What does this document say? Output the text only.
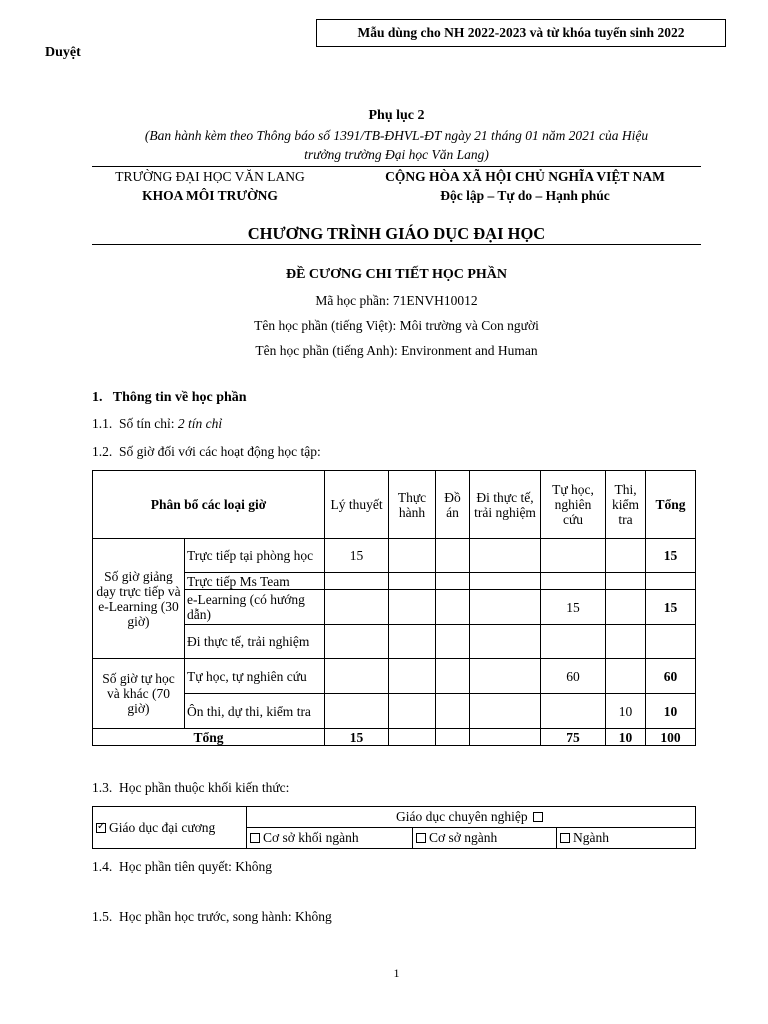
Mẫu dùng cho NH 2022-2023 và từ khóa tuyển sinh 2022
Duyệt
Phụ lục 2
(Ban hành kèm theo Thông báo số 1391/TB-ĐHVL-ĐT ngày 21 tháng 01 năm 2021 của Hiệu
trưởng trường Đại học Văn Lang)
TRƯỜNG ĐẠI HỌC VĂN LANG
KHOA MÔI TRƯỜNG
CỘNG HÒA XÃ HỘI CHỦ NGHĨA VIỆT NAM
Độc lập – Tự do – Hạnh phúc
CHƯƠNG TRÌNH GIÁO DỤC ĐẠI HỌC
ĐỀ CƯƠNG CHI TIẾT HỌC PHẦN
Mã học phần: 71ENVH10012
Tên học phần (tiếng Việt): Môi trường và Con người
Tên học phần (tiếng Anh): Environment and Human
1.   Thông tin về học phần
1.1.  Số tín chỉ: 2 tín chỉ
1.2.  Số giờ đối với các hoạt động học tập:
Phân bổ các loại giờ		Lý thuyết	Thực hành	Đồ án	Đi thực tế, trải nghiệm	Tự học, nghiên cứu	Thi, kiểm tra	Tổng
Số giờ giảng dạy trực tiếp và e-Learning (30 giờ)	Trực tiếp tại phòng học	15						15
	Trực tiếp Ms Team							
	e-Learning (có hướng dẫn)					15		15
	Đi thực tế, trải nghiệm							
Số giờ tự học và khác (70 giờ)	Tự học, tự nghiên cứu					60		60
	Ôn thi, dự thi, kiểm tra						10	10
Tổng		15				75	10	100
1.3.  Học phần thuộc khối kiến thức:
✓Giáo dục đại cương	Giáo dục chuyên nghiệp		
	Cơ sở khối ngành	Cơ sở ngành	Ngành
1.4.  Học phần tiên quyết: Không
1.5.  Học phần học trước, song hành: Không
1
